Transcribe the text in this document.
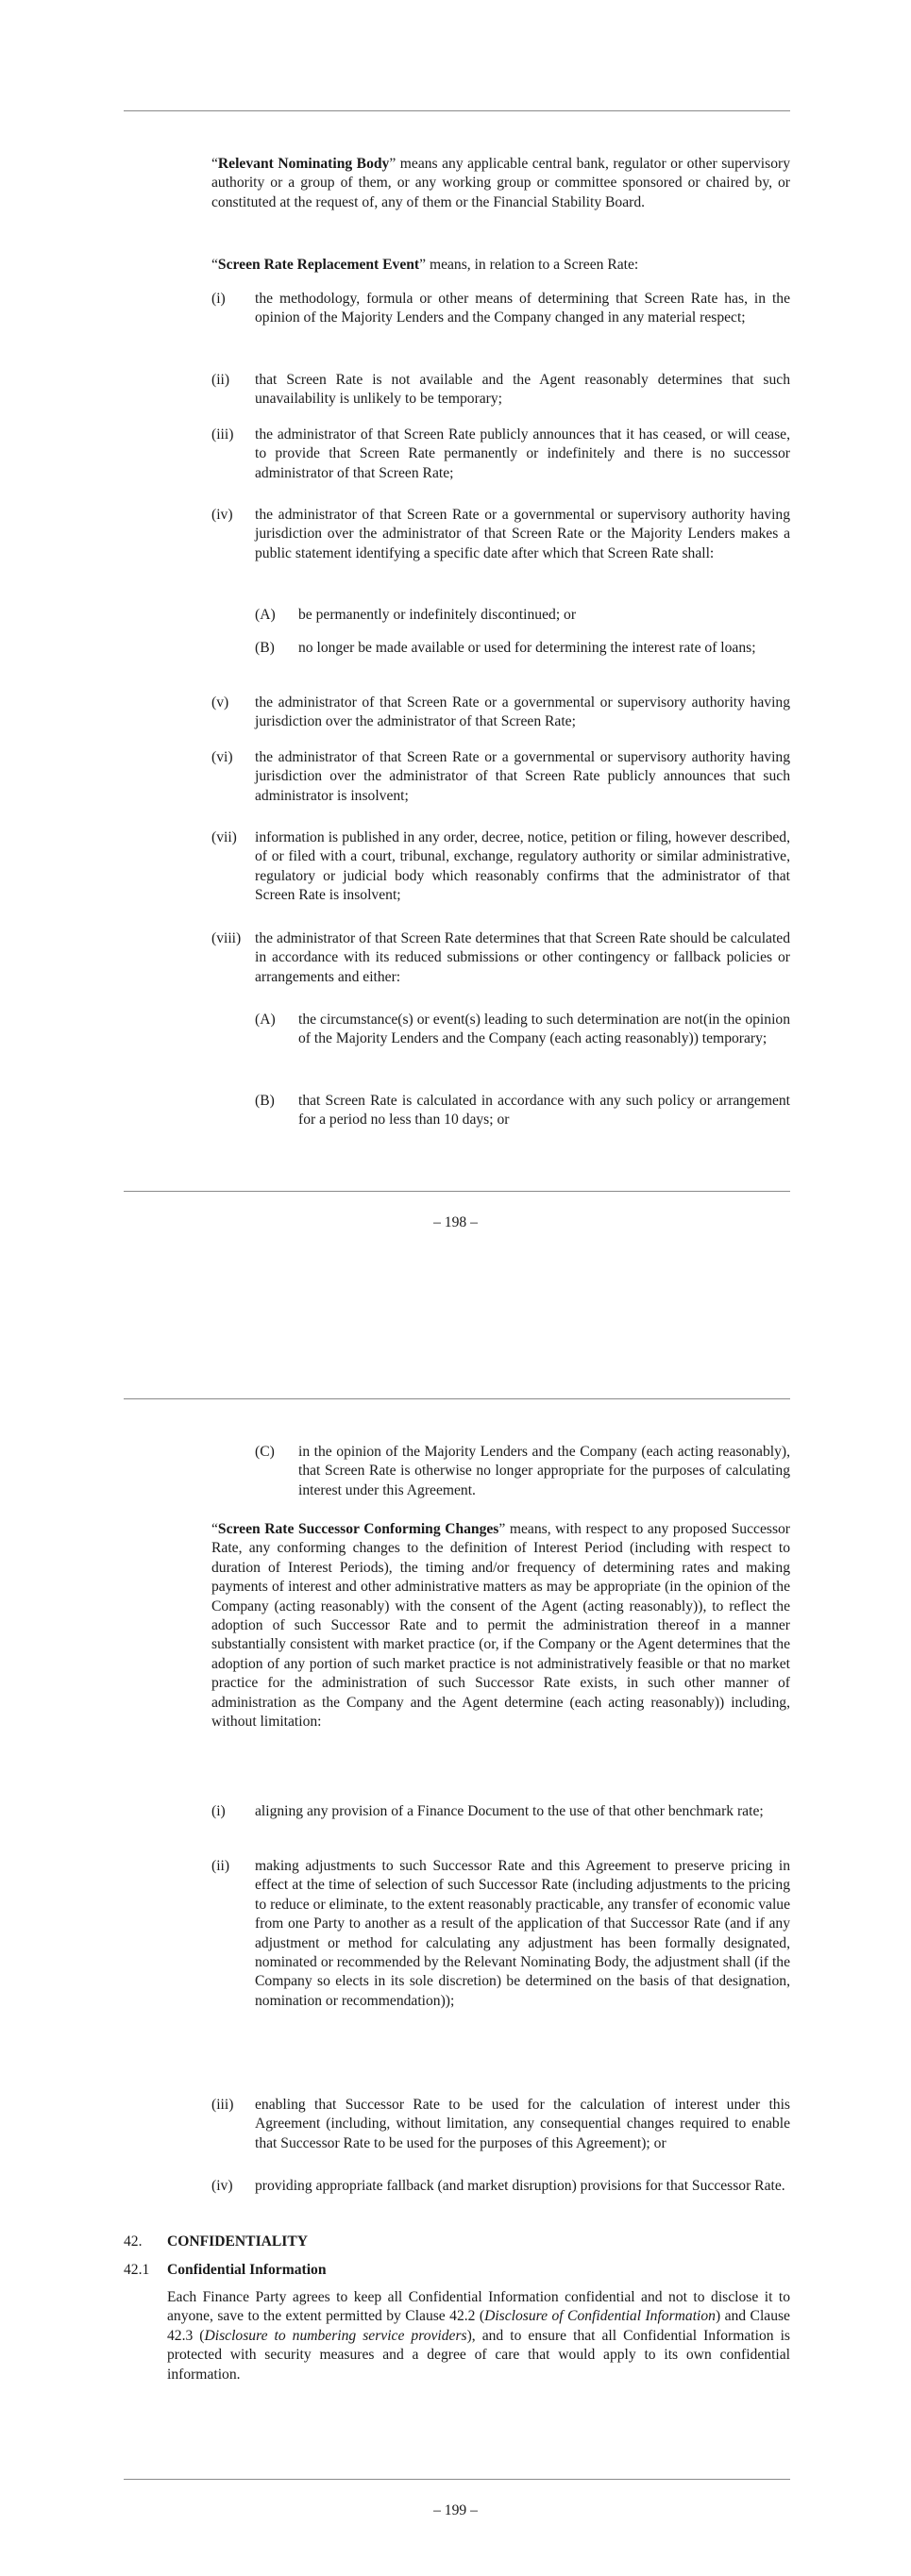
“Relevant Nominating Body” means any applicable central bank, regulator or other supervisory authority or a group of them, or any working group or committee sponsored or chaired by, or constituted at the request of, any of them or the Financial Stability Board.
“Screen Rate Replacement Event” means, in relation to a Screen Rate:
(i) the methodology, formula or other means of determining that Screen Rate has, in the opinion of the Majority Lenders and the Company changed in any material respect;
(ii) that Screen Rate is not available and the Agent reasonably determines that such unavailability is unlikely to be temporary;
(iii) the administrator of that Screen Rate publicly announces that it has ceased, or will cease, to provide that Screen Rate permanently or indefinitely and there is no successor administrator of that Screen Rate;
(iv) the administrator of that Screen Rate or a governmental or supervisory authority having jurisdiction over the administrator of that Screen Rate or the Majority Lenders makes a public statement identifying a specific date after which that Screen Rate shall:
(A) be permanently or indefinitely discontinued; or
(B) no longer be made available or used for determining the interest rate of loans;
(v) the administrator of that Screen Rate or a governmental or supervisory authority having jurisdiction over the administrator of that Screen Rate;
(vi) the administrator of that Screen Rate or a governmental or supervisory authority having jurisdiction over the administrator of that Screen Rate publicly announces that such administrator is insolvent;
(vii) information is published in any order, decree, notice, petition or filing, however described, of or filed with a court, tribunal, exchange, regulatory authority or similar administrative, regulatory or judicial body which reasonably confirms that the administrator of that Screen Rate is insolvent;
(viii) the administrator of that Screen Rate determines that that Screen Rate should be calculated in accordance with its reduced submissions or other contingency or fallback policies or arrangements and either:
(A) the circumstance(s) or event(s) leading to such determination are not(in the opinion of the Majority Lenders and the Company (each acting reasonably)) temporary;
(B) that Screen Rate is calculated in accordance with any such policy or arrangement for a period no less than 10 days; or
– 198 –
(C) in the opinion of the Majority Lenders and the Company (each acting reasonably), that Screen Rate is otherwise no longer appropriate for the purposes of calculating interest under this Agreement.
“Screen Rate Successor Conforming Changes” means, with respect to any proposed Successor Rate, any conforming changes to the definition of Interest Period (including with respect to duration of Interest Periods), the timing and/or frequency of determining rates and making payments of interest and other administrative matters as may be appropriate (in the opinion of the Company (acting reasonably) with the consent of the Agent (acting reasonably)), to reflect the adoption of such Successor Rate and to permit the administration thereof in a manner substantially consistent with market practice (or, if the Company or the Agent determines that the adoption of any portion of such market practice is not administratively feasible or that no market practice for the administration of such Successor Rate exists, in such other manner of administration as the Company and the Agent determine (each acting reasonably)) including, without limitation:
(i) aligning any provision of a Finance Document to the use of that other benchmark rate;
(ii) making adjustments to such Successor Rate and this Agreement to preserve pricing in effect at the time of selection of such Successor Rate (including adjustments to the pricing to reduce or eliminate, to the extent reasonably practicable, any transfer of economic value from one Party to another as a result of the application of that Successor Rate (and if any adjustment or method for calculating any adjustment has been formally designated, nominated or recommended by the Relevant Nominating Body, the adjustment shall (if the Company so elects in its sole discretion) be determined on the basis of that designation, nomination or recommendation));
(iii) enabling that Successor Rate to be used for the calculation of interest under this Agreement (including, without limitation, any consequential changes required to enable that Successor Rate to be used for the purposes of this Agreement); or
(iv) providing appropriate fallback (and market disruption) provisions for that Successor Rate.
42. CONFIDENTIALITY
42.1 Confidential Information
Each Finance Party agrees to keep all Confidential Information confidential and not to disclose it to anyone, save to the extent permitted by Clause 42.2 (Disclosure of Confidential Information) and Clause 42.3 (Disclosure to numbering service providers), and to ensure that all Confidential Information is protected with security measures and a degree of care that would apply to its own confidential information.
– 199 –
